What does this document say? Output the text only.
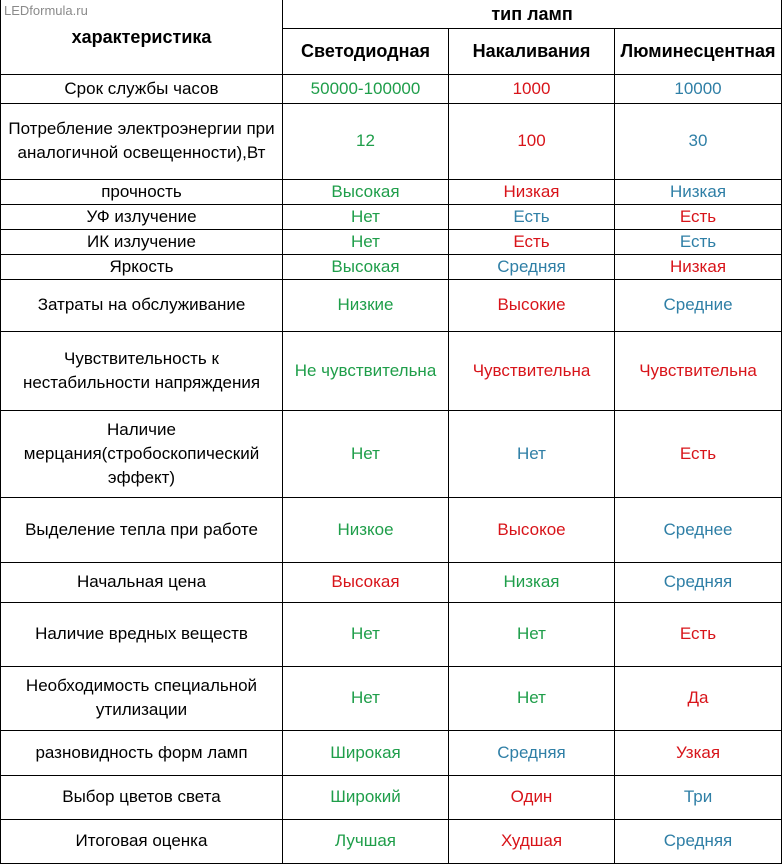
LEDformula.ru
характеристика	тип ламп		
	Светодиодная	Накаливания	Люминесцентная
Срок службы часов	50000-100000	1000	10000
Потребление электроэнергии при аналогичной освещенности),Вт	12	100	30
прочность	Высокая	Низкая	Низкая
УФ излучение	Нет	Есть	Есть
ИК излучение	Нет	Есть	Есть
Яркость	Высокая	Средняя	Низкая
Затраты на обслуживание	Низкие	Высокие	Средние
Чувствительность к нестабильности напряждения	Не чувствительна	Чувствительна	Чувствительна
Наличие мерцания(стробоскопический эффект)	Нет	Нет	Есть
Выделение тепла при работе	Низкое	Высокое	Среднее
Начальная цена	Высокая	Низкая	Средняя
Наличие вредных веществ	Нет	Нет	Есть
Необходимость специальной утилизации	Нет	Нет	Да
разновидность форм ламп	Широкая	Средняя	Узкая
Выбор цветов света	Широкий	Один	Три
Итоговая оценка	Лучшая	Худшая	Средняя
